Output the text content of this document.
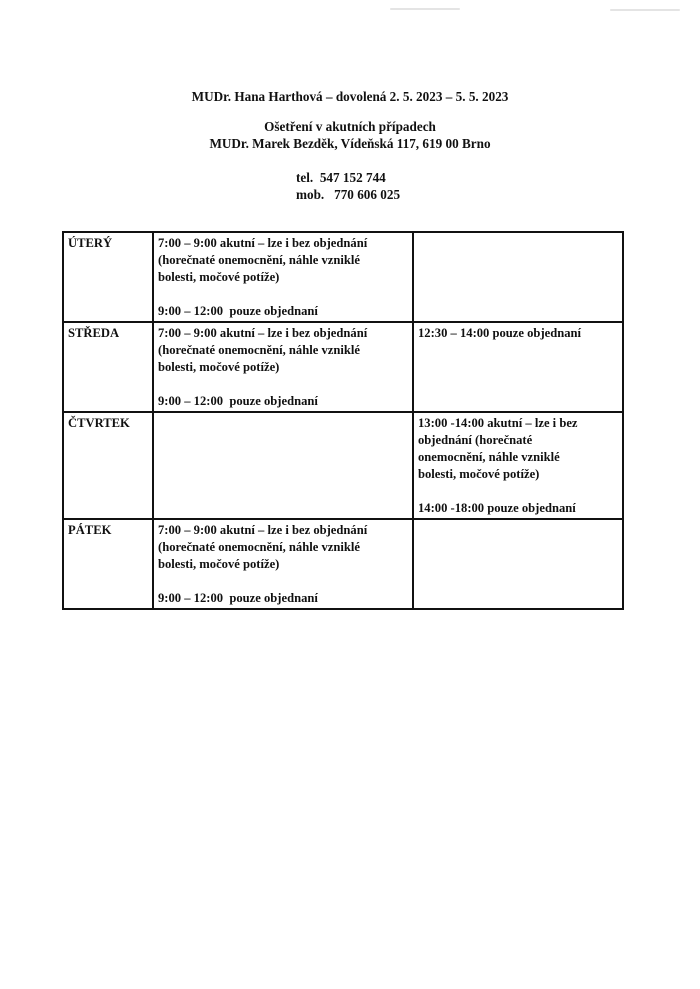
MUDr. Hana Harthová – dovolená 2. 5. 2023 – 5. 5. 2023
Ošetření v akutních případech
MUDr. Marek Bezděk, Vídeňská 117, 619 00 Brno
tel. 547 152 744
mob. 770 606 025
ÚTERÝ	7:00 – 9:00 akutní – lze i bez objednání
(horečnaté onemocnění, náhle vzniklé
bolesti, močové potíže)
9:00 – 12:00  pouze objednaní	

STŘEDA	7:00 – 9:00 akutní – lze i bez objednání
(horečnaté onemocnění, náhle vzniklé
bolesti, močové potíže)
9:00 – 12:00  pouze objednaní	12:30 – 14:00 pouze objednaní

ČTVRTEK		13:00 -14:00 akutní – lze i bez
objednání (horečnaté
onemocnění, náhle vzniklé
bolesti, močové potíže)
14:00 -18:00 pouze objednaní

PÁTEK	7:00 – 9:00 akutní – lze i bez objednání
(horečnaté onemocnění, náhle vzniklé
bolesti, močové potíže)
9:00 – 12:00  pouze objednaní	
